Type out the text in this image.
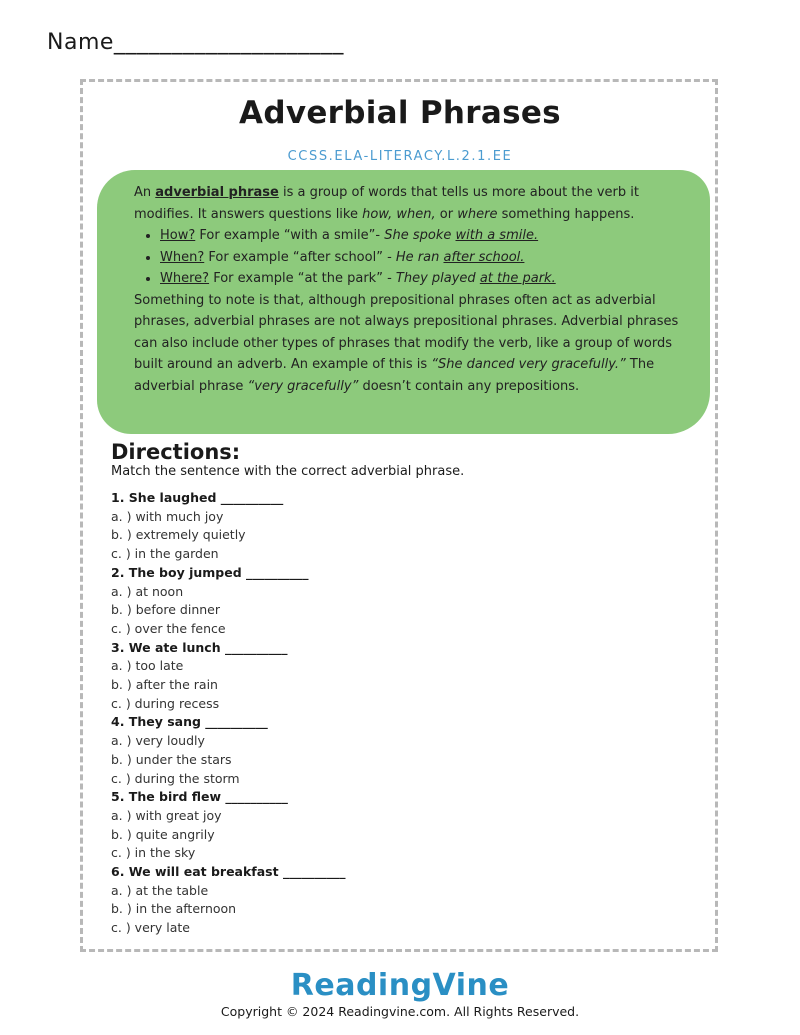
Name____________________
Adverbial Phrases
CCSS.ELA-LITERACY.L.2.1.EE

An adverbial phrase is a group of words that tells us more about the verb it modifies. It answers questions like how, when, or where something happens.

• How? For example “with a smile”- She spoke with a smile.
• When? For example “after school” - He ran after school.
• Where? For example “at the park” - They played at the park.

Something to note is that, although prepositional phrases often act as adverbial phrases, adverbial phrases are not always prepositional phrases. Adverbial phrases can also include other types of phrases that modify the verb, like a group of words built around an adverb. An example of this is “She danced very gracefully.” The adverbial phrase “very gracefully” doesn’t contain any prepositions.

Directions:
Match the sentence with the correct adverbial phrase.
1. She laughed __________
a. ) with much joy
b. ) extremely quietly
c. ) in the garden
2. The boy jumped __________
a. ) at noon
b. ) before dinner
c. ) over the fence
3. We ate lunch __________
a. ) too late
b. ) after the rain
c. ) during recess
4. They sang __________
a. ) very loudly
b. ) under the stars
c. ) during the storm
5. The bird flew __________
a. ) with great joy
b. ) quite angrily
c. ) in the sky
6. We will eat breakfast __________
a. ) at the table
b. ) in the afternoon
c. ) very late
ReadingVine
Copyright © 2024 Readingvine.com. All Rights Reserved.
